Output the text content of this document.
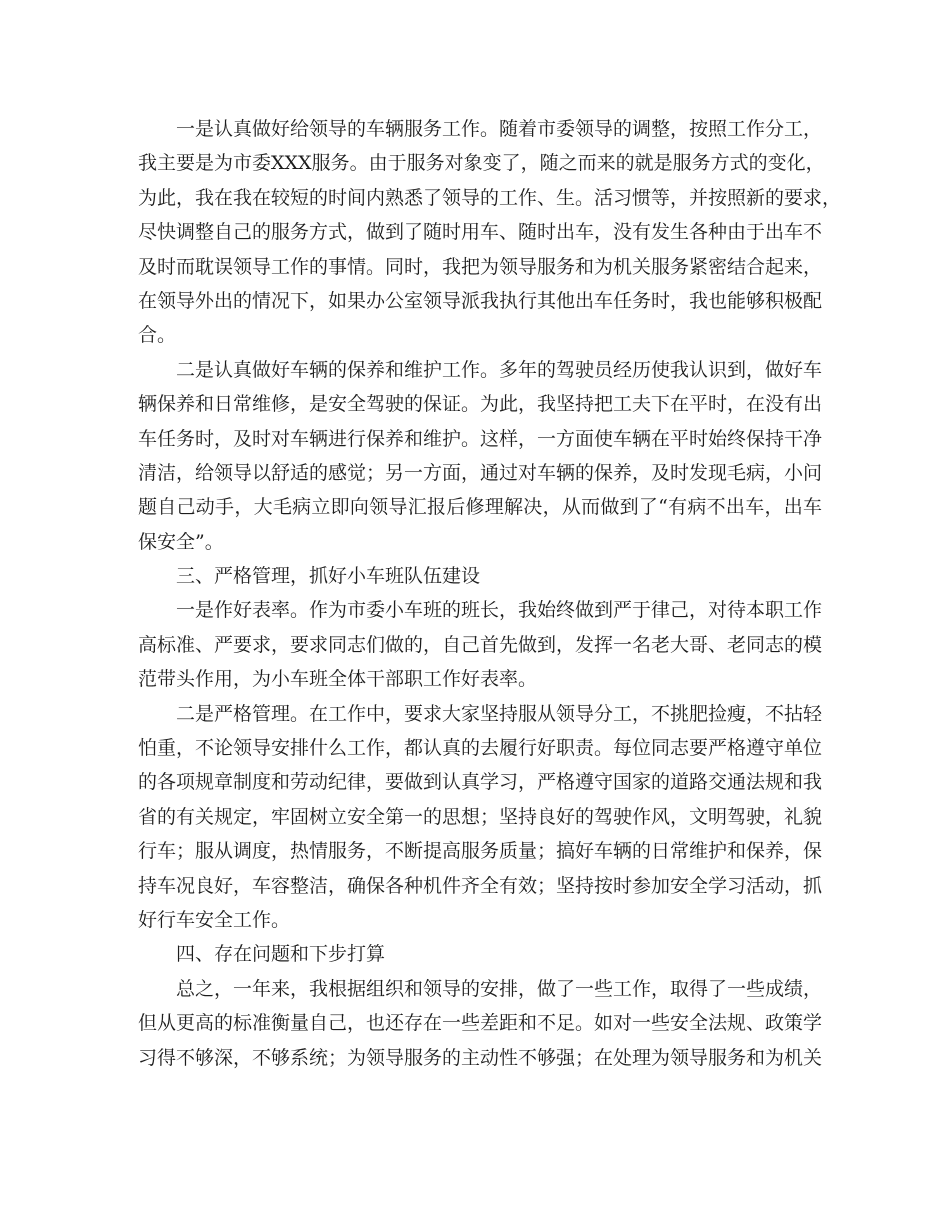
一是认真做好给领导的车辆服务工作。随着市委领导的调整，按照工作分工，
我主要是为市委XXX服务。由于服务对象变了，随之而来的就是服务方式的变化，
为此，我在我在较短的时间内熟悉了领导的工作、生。活习惯等，并按照新的要求，
尽快调整自己的服务方式，做到了随时用车、随时出车，没有发生各种由于出车不
及时而耽误领导工作的事情。同时，我把为领导服务和为机关服务紧密结合起来，
在领导外出的情况下，如果办公室领导派我执行其他出车任务时，我也能够积极配
合。
二是认真做好车辆的保养和维护工作。多年的驾驶员经历使我认识到，做好车
辆保养和日常维修，是安全驾驶的保证。为此，我坚持把工夫下在平时，在没有出
车任务时，及时对车辆进行保养和维护。这样，一方面使车辆在平时始终保持干净
清洁，给领导以舒适的感觉；另一方面，通过对车辆的保养，及时发现毛病，小问
题自己动手，大毛病立即向领导汇报后修理解决，从而做到了“有病不出车，出车
保安全”。
三、严格管理，抓好小车班队伍建设
一是作好表率。作为市委小车班的班长，我始终做到严于律己，对待本职工作
高标准、严要求，要求同志们做的，自己首先做到，发挥一名老大哥、老同志的模
范带头作用，为小车班全体干部职工作好表率。
二是严格管理。在工作中，要求大家坚持服从领导分工，不挑肥捡瘦，不拈轻
怕重，不论领导安排什么工作，都认真的去履行好职责。每位同志要严格遵守单位
的各项规章制度和劳动纪律，要做到认真学习，严格遵守国家的道路交通法规和我
省的有关规定，牢固树立安全第一的思想；坚持良好的驾驶作风，文明驾驶，礼貌
行车；服从调度，热情服务，不断提高服务质量；搞好车辆的日常维护和保养，保
持车况良好，车容整洁，确保各种机件齐全有效；坚持按时参加安全学习活动，抓
好行车安全工作。
四、存在问题和下步打算
总之，一年来，我根据组织和领导的安排，做了一些工作，取得了一些成绩，
但从更高的标准衡量自己，也还存在一些差距和不足。如对一些安全法规、政策学
习得不够深，不够系统；为领导服务的主动性不够强；在处理为领导服务和为机关
